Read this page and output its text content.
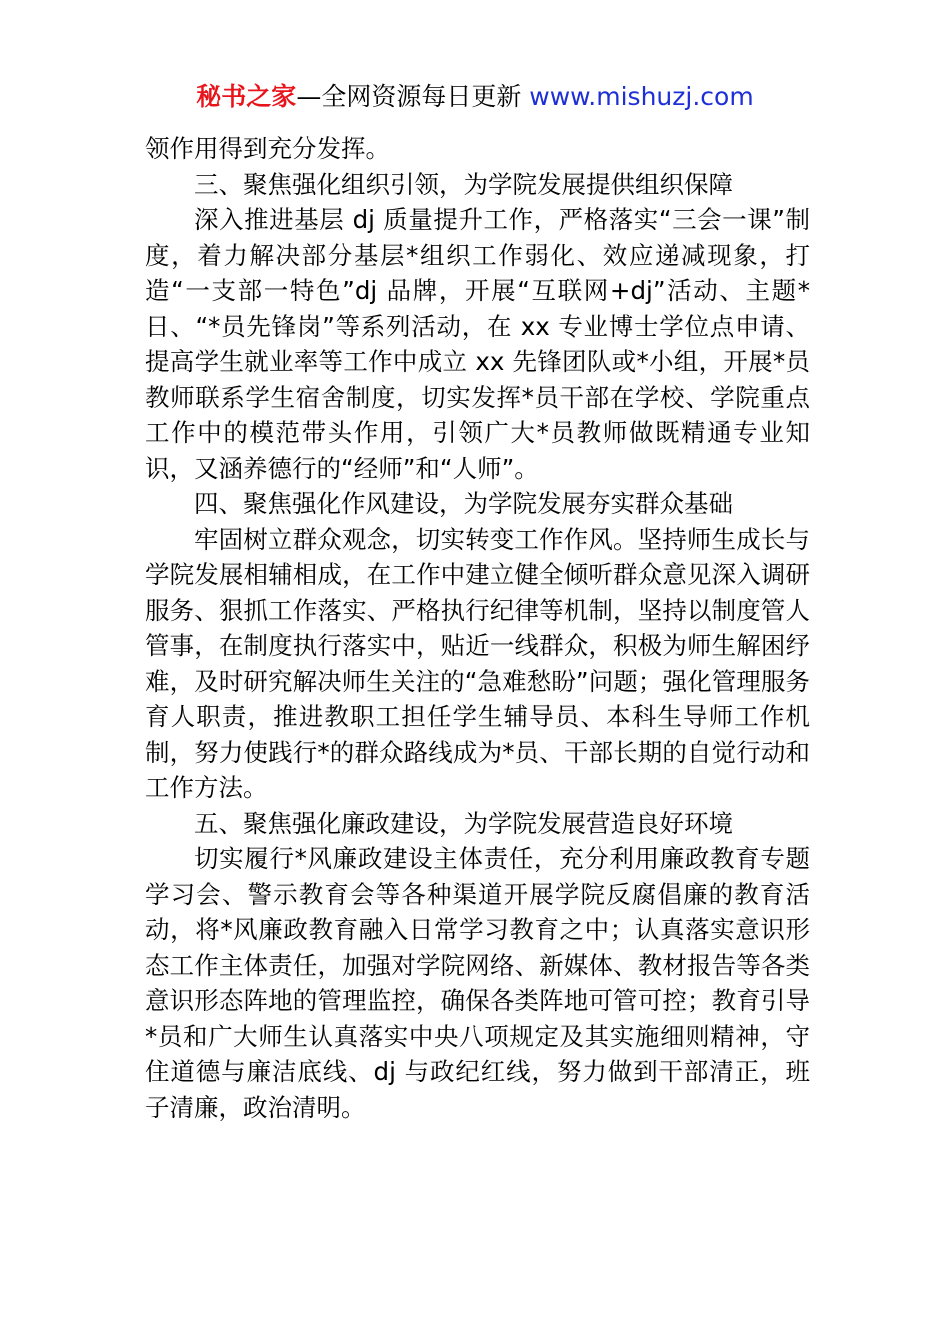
秘书之家—全网资源每日更新 www.mishuzj.com

领作用得到充分发挥。

三、聚焦强化组织引领，为学院发展提供组织保障

深入推进基层 dj 质量提升工作，严格落实“三会一课”制度，着力解决部分基层*组织工作弱化、效应递减现象，打造“一支部一特色”dj 品牌，开展“互联网+dj”活动、主题*日、“*员先锋岗”等系列活动，在 xx 专业博士学位点申请、提高学生就业率等工作中成立 xx 先锋团队或*小组，开展*员教师联系学生宿舍制度，切实发挥*员干部在学校、学院重点工作中的模范带头作用，引领广大*员教师做既精通专业知识，又涵养德行的“经师”和“人师”。

四、聚焦强化作风建设，为学院发展夯实群众基础

牢固树立群众观念，切实转变工作作风。坚持师生成长与学院发展相辅相成，在工作中建立健全倾听群众意见深入调研服务、狠抓工作落实、严格执行纪律等机制，坚持以制度管人管事，在制度执行落实中，贴近一线群众，积极为师生解困纾难，及时研究解决师生关注的“急难愁盼”问题；强化管理服务育人职责，推进教职工担任学生辅导员、本科生导师工作机制，努力使践行*的群众路线成为*员、干部长期的自觉行动和工作方法。

五、聚焦强化廉政建设，为学院发展营造良好环境

切实履行*风廉政建设主体责任，充分利用廉政教育专题学习会、警示教育会等各种渠道开展学院反腐倡廉的教育活动，将*风廉政教育融入日常学习教育之中；认真落实意识形态工作主体责任，加强对学院网络、新媒体、教材报告等各类意识形态阵地的管理监控，确保各类阵地可管可控；教育引导*员和广大师生认真落实中央八项规定及其实施细则精神，守住道德与廉洁底线、dj 与政纪红线，努力做到干部清正，班子清廉，政治清明。
